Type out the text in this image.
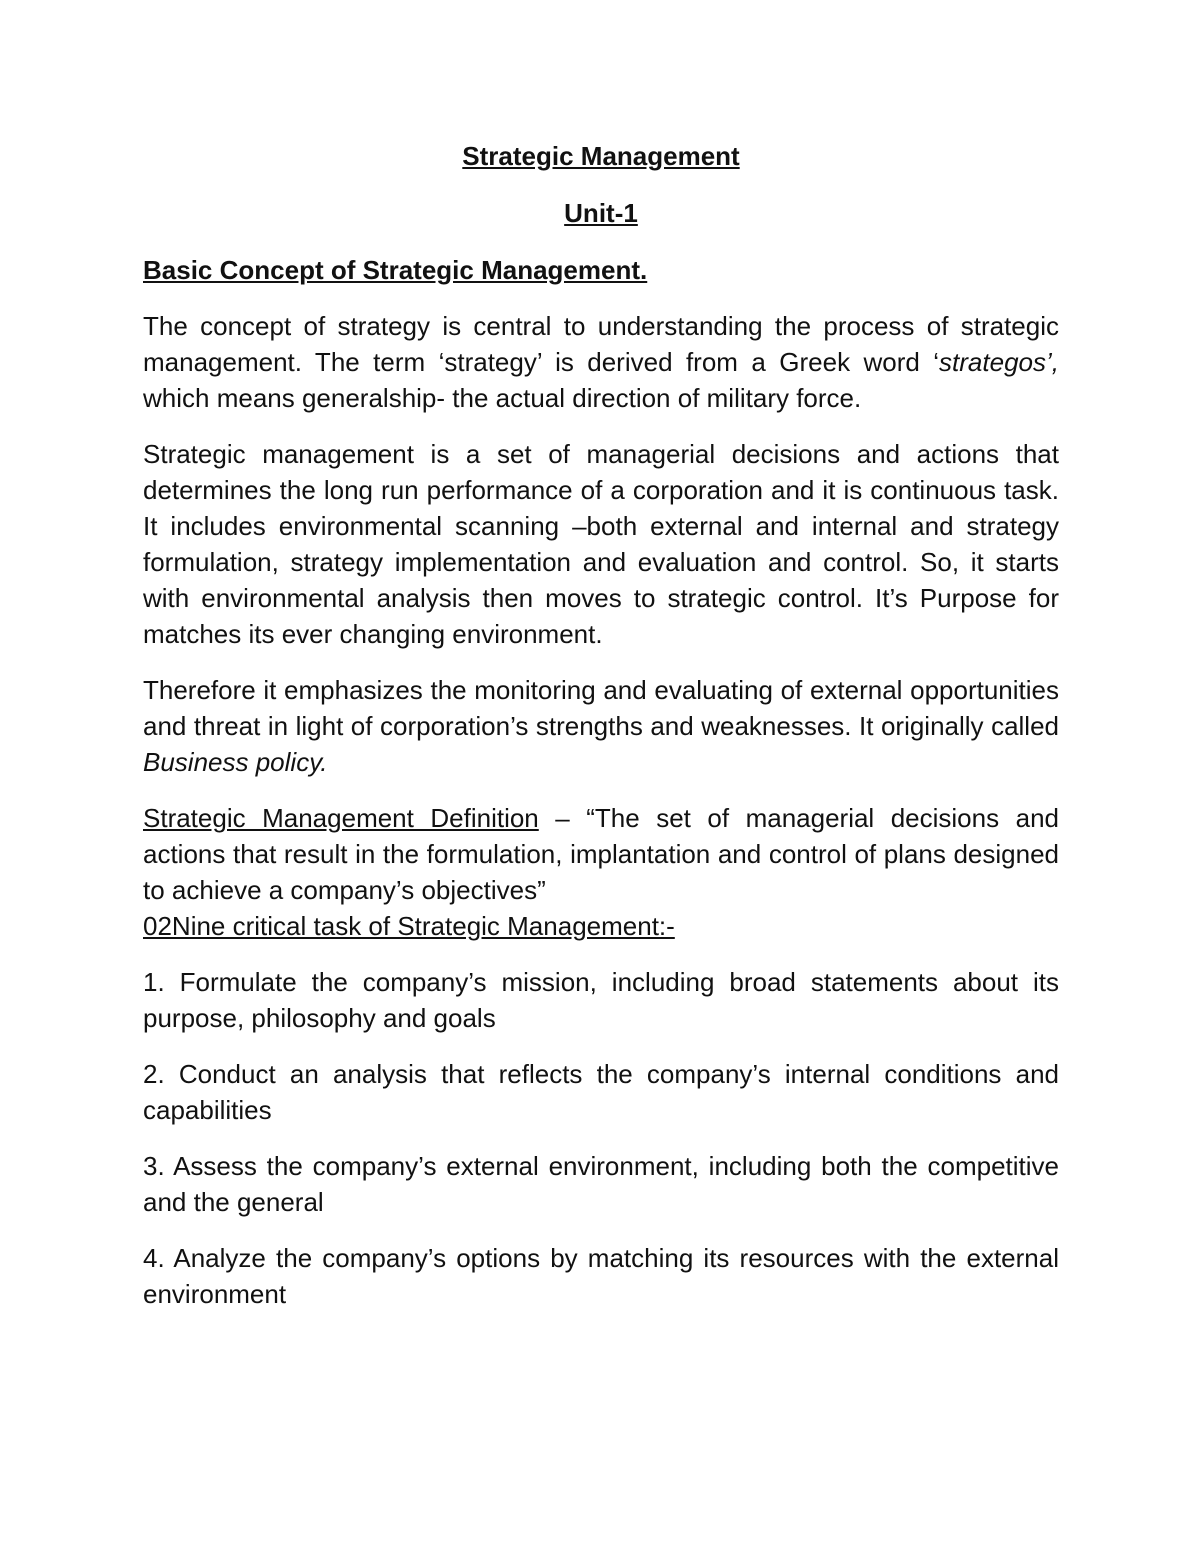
Strategic Management
Unit-1
Basic Concept of Strategic Management.

The concept of strategy is central to understanding the process of strategic management. The term ‘strategy’ is derived from a Greek word ‘strategos’, which means generalship- the actual direction of military force.

Strategic management is a set of managerial decisions and actions that determines the long run performance of a corporation and it is continuous task. It includes environmental scanning –both external and internal and strategy formulation, strategy implementation and evaluation and control. So, it starts with environmental analysis then moves to strategic control. It’s Purpose for matches its ever changing environment.

Therefore it emphasizes the monitoring and evaluating of external opportunities and threat in light of corporation’s strengths and weaknesses. It originally called Business policy.

Strategic Management Definition – “The set of managerial decisions and actions that result in the formulation, implantation and control of plans designed to achieve a company’s objectives”

02Nine critical task of Strategic Management:-

1. Formulate the company’s mission, including broad statements about its purpose, philosophy and goals

2. Conduct an analysis that reflects the company’s internal conditions and capabilities

3. Assess the company’s external environment, including both the competitive and the general

4. Analyze the company’s options by matching its resources with the external environment
